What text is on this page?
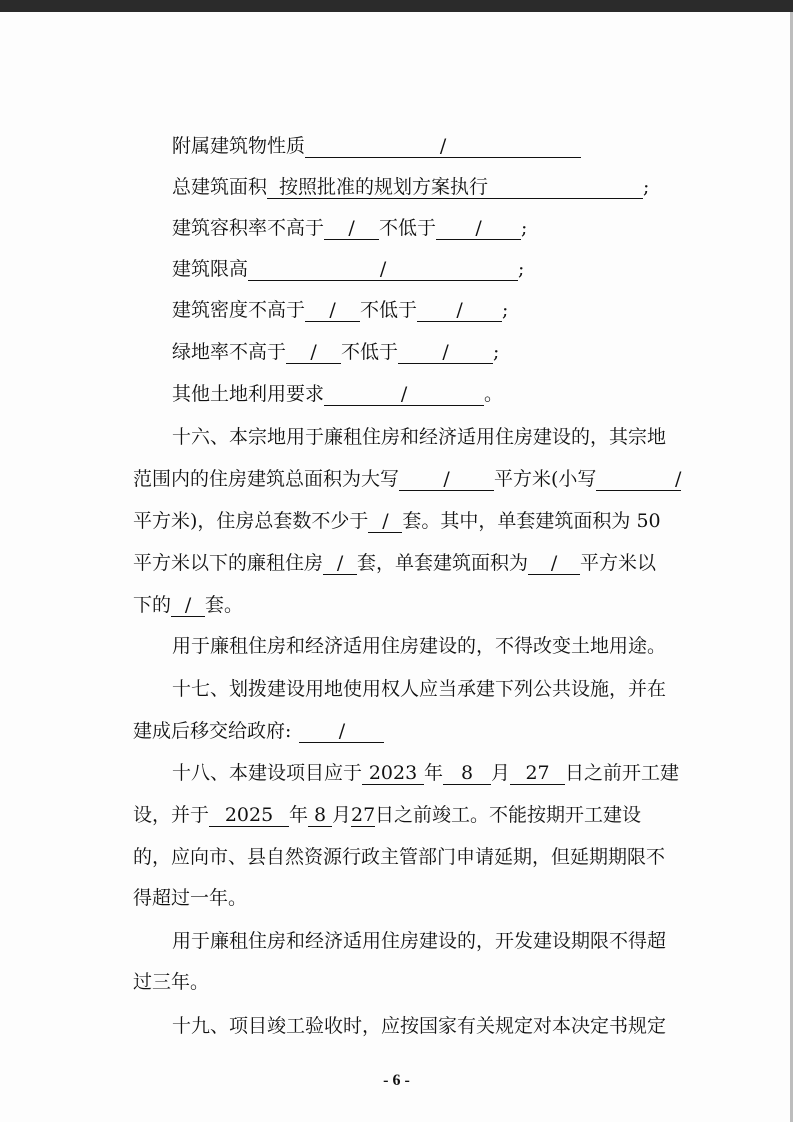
附属建筑物性质	/
总建筑面积 按照批准的规划方案执行	;
建筑容积率不高于 / 不低于 / ;
建筑限高	/	;
建筑密度不高于 / 不低于 / ;
绿地率不高于 / 不低于 / ;
其他土地利用要求	/	。
十六、本宗地用于廉租住房和经济适用住房建设的，其宗地
范围内的住房建筑总面积为大写 / 平方米(小写	/
平方米)，住房总套数不少于 / 套。其中，单套建筑面积为 50
平方米以下的廉租住房 / 套，单套建筑面积为 / 平方米以
下的 / 套。
用于廉租住房和经济适用住房建设的，不得改变土地用途。
十七、划拨建设用地使用权人应当承建下列公共设施，并在
建成后移交给政府: /
十八、本建设项目应于 2023 年 8 月 27 日之前开工建
设，并于 2025 年 8 月27日之前竣工。不能按期开工建设
的，应向市、县自然资源行政主管部门申请延期，但延期期限不
得超过一年。
用于廉租住房和经济适用住房建设的，开发建设期限不得超
过三年。
十九、项目竣工验收时，应按国家有关规定对本决定书规定
- 6 -
